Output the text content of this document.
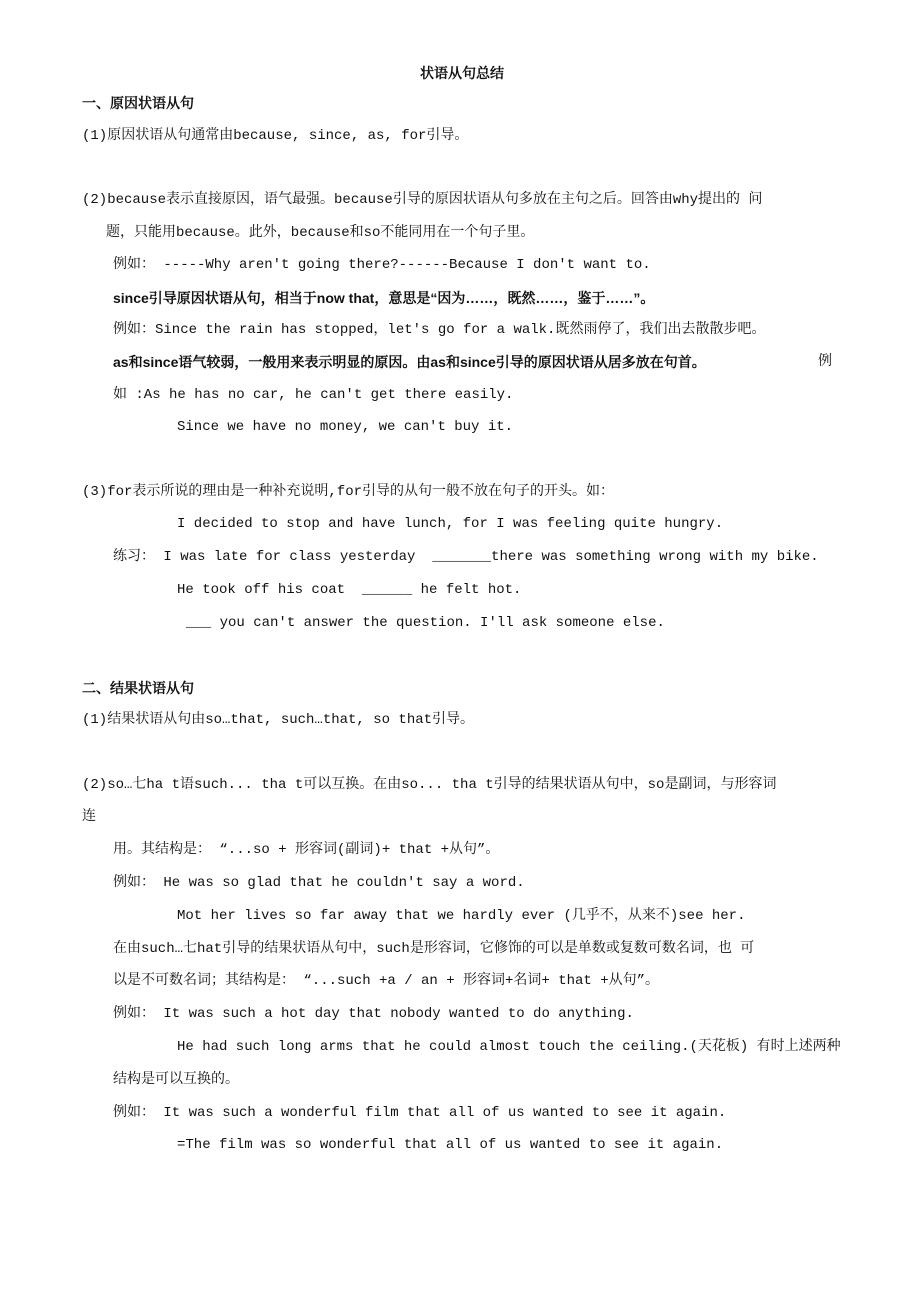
状语从句总结
一、原因状语从句
(1)原因状语从句通常由because, since, as, for引导。
(2)because表示直接原因，语气最强。because引导的原因状语从句多放在主句之后。回答由why提出的 问
题，只能用because。此外，because和so不能同用在一个句子里。
例如： -----Why aren't going there?------Because I don't want to.
since引导原因状语从句，相当于now that，意思是“因为……，既然……，鉴于……”。
例如：Since the rain has stopped，let's go for a walk.既然雨停了，我们出去散散步吧。
as和since语气较弱，一般用来表示明显的原因。由as和since引导的原因状语从居多放在句首。	例
如 :As he has no car, he can't get there easily.
Since we have no money, we can't buy it.
(3)for表示所说的理由是一种补充说明,for引导的从句一般不放在句子的开头。如：
I decided to stop and have lunch, for I was feeling quite hungry.
练习： I was late for class yesterday  _______there was something wrong with my bike.
He took off his coat  ______ he felt hot.
___ you can't answer the question. I'll ask someone else.
二、结果状语从句
(1)结果状语从句由so…that, such…that, so that引导。
(2)so…七ha t语such... tha t可以互换。在由so... tha t引导的结果状语从句中，so是副词，与形容词
连
用。其结构是： “...so + 形容词(副词)+ that +从句”。
例如： He was so glad that he couldn't say a word.
Mot her lives so far away that we hardly ever (几乎不，从来不)see her.
在由such…七hat引导的结果状语从句中，such是形容词，它修饰的可以是单数或复数可数名词，也 可
以是不可数名词；其结构是： “...such +a / an + 形容词+名词+ that +从句”。
例如： It was such a hot day that nobody wanted to do anything.
He had such long arms that he could almost touch the ceiling.(天花板) 有时上述两种
结构是可以互换的。
例如： It was such a wonderful film that all of us wanted to see it again.
=The film was so wonderful that all of us wanted to see it again.
